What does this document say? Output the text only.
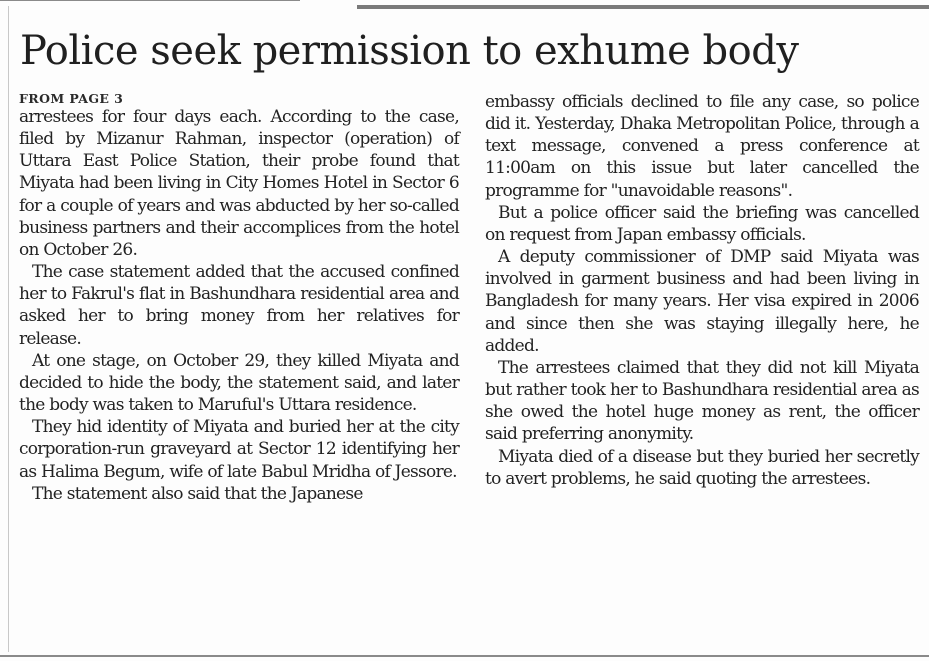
Police seek permission to exhume body
FROM PAGE 3

arrestees for four days each. According to the case, filed by Mizanur Rahman, inspector (operation) of Uttara East Police Station, their probe found that Miyata had been living in City Homes Hotel in Sector 6 for a couple of years and was abducted by her so-called business partners and their accomplices from the hotel on October 26.

The case statement added that the accused confined her to Fakrul's flat in Bashundhara residential area and asked her to bring money from her relatives for release.

At one stage, on October 29, they killed Miyata and decided to hide the body, the statement said, and later the body was taken to Maruful's Uttara residence.

They hid identity of Miyata and buried her at the city corporation-run graveyard at Sector 12 identifying her as Halima Begum, wife of late Babul Mridha of Jessore.

The statement also said that the Japanese

embassy officials declined to file any case, so police did it. Yesterday, Dhaka Metropolitan Police, through a text message, convened a press conference at 11:00am on this issue but later cancelled the programme for "unavoidable reasons".

But a police officer said the briefing was cancelled on request from Japan embassy officials.

A deputy commissioner of DMP said Miyata was involved in garment business and had been living in Bangladesh for many years. Her visa expired in 2006 and since then she was staying illegally here, he added.

The arrestees claimed that they did not kill Miyata but rather took her to Bashundhara residential area as she owed the hotel huge money as rent, the officer said preferring anonymity.

Miyata died of a disease but they buried her secretly to avert problems, he said quoting the arrestees.
